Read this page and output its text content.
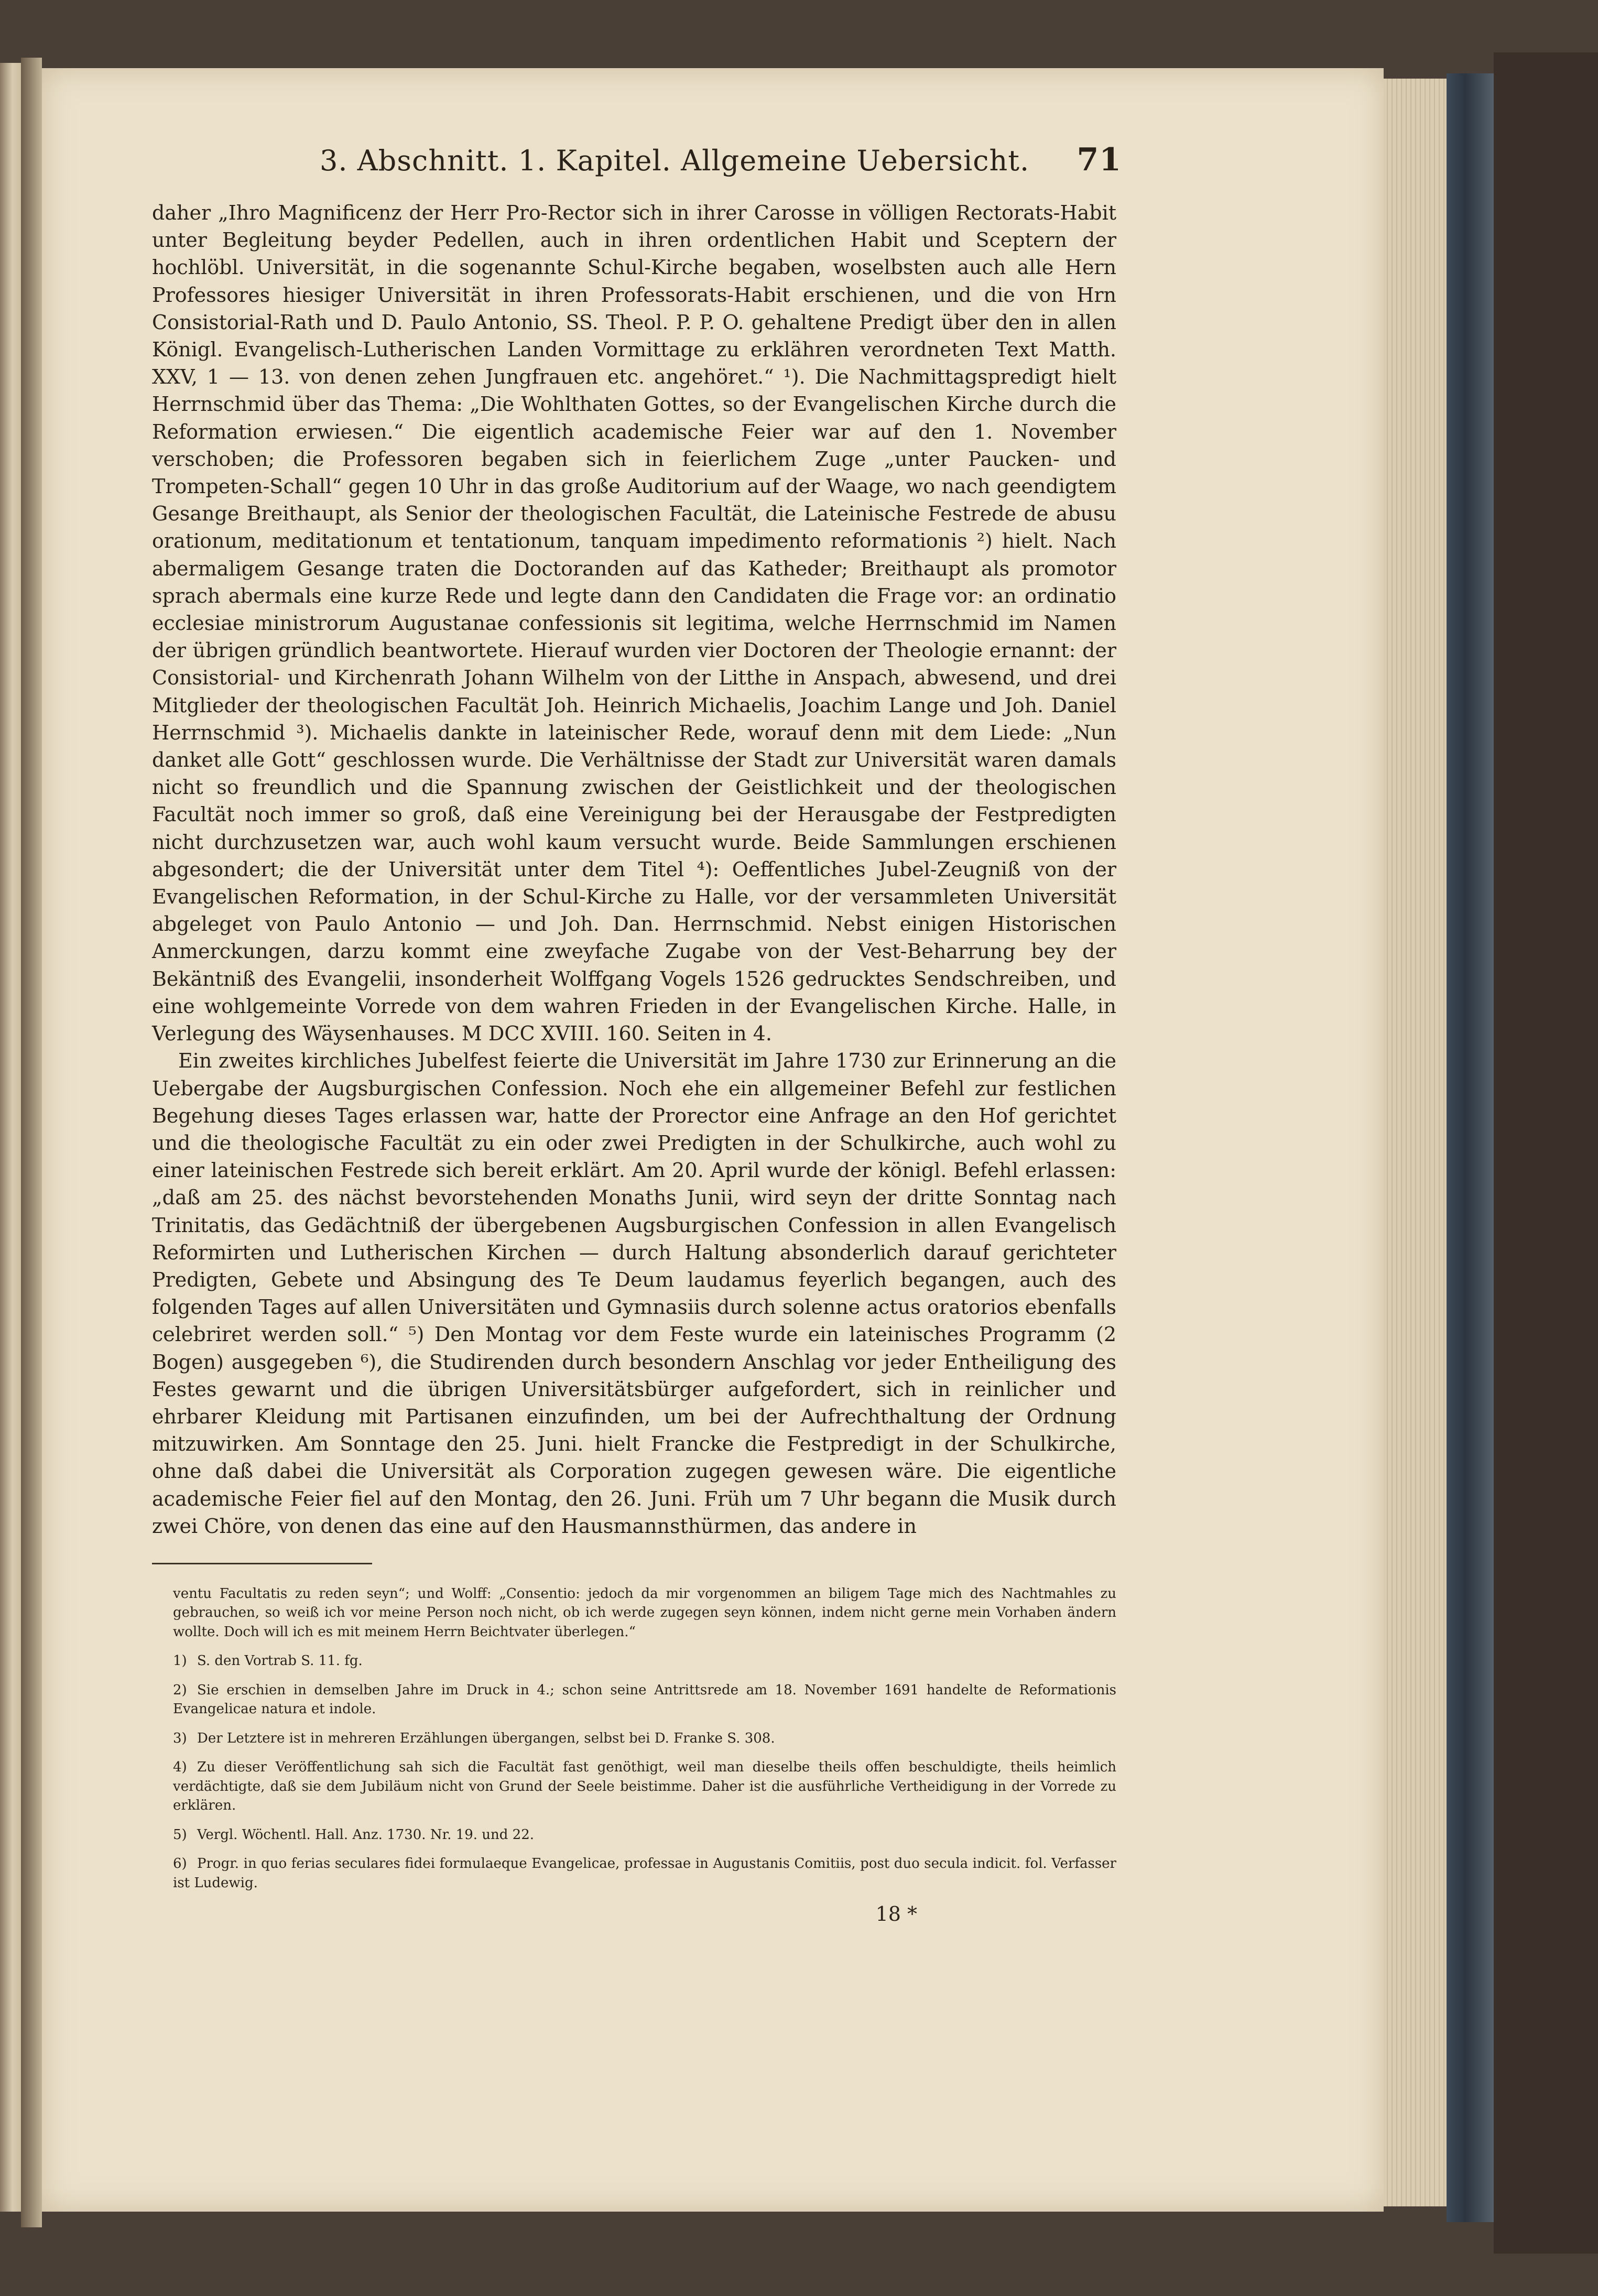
3. Abschnitt. 1. Kapitel. Allgemeine Uebersicht. 71

daher „Ihro Magnificenz der Herr Pro-Rector sich in ihrer Carosse in völligen Rectorats-Habit unter Begleitung beyder Pedellen, auch in ihren ordentlichen Habit und Sceptern der hochlöbl. Universität, in die sogenannte Schul-Kirche begaben, woselbsten auch alle Hern Professores hiesiger Universität in ihren Professorats-Habit erschienen, und die von Hrn Consistorial-Rath und D. Paulo Antonio, SS. Theol. P. P. O. gehaltene Predigt über den in allen Königl. Evangelisch-Lutherischen Landen Vormittage zu erklähren verordneten Text Matth. XXV, 1 — 13. von denen zehen Jungfrauen etc. angehöret.“ ¹). Die Nachmittagspredigt hielt Herrnschmid über das Thema: „Die Wohlthaten Gottes, so der Evangelischen Kirche durch die Reformation erwiesen.“ Die eigentlich academische Feier war auf den 1. November verschoben; die Professoren begaben sich in feierlichem Zuge „unter Paucken- und Trompeten-Schall“ gegen 10 Uhr in das große Auditorium auf der Waage, wo nach geendigtem Gesange Breithaupt, als Senior der theologischen Facultät, die Lateinische Festrede de abusu orationum, meditationum et tentationum, tanquam impedimento reformationis ²) hielt. Nach abermaligem Gesange traten die Doctoranden auf das Katheder; Breithaupt als promotor sprach abermals eine kurze Rede und legte dann den Candidaten die Frage vor: an ordinatio ecclesiae ministrorum Augustanae confessionis sit legitima, welche Herrnschmid im Namen der übrigen gründlich beantwortete. Hierauf wurden vier Doctoren der Theologie ernannt: der Consistorial- und Kirchenrath Johann Wilhelm von der Litthe in Anspach, abwesend, und drei Mitglieder der theologischen Facultät Joh. Heinrich Michaelis, Joachim Lange und Joh. Daniel Herrnschmid ³). Michaelis dankte in lateinischer Rede, worauf denn mit dem Liede: „Nun danket alle Gott“ geschlossen wurde. Die Verhältnisse der Stadt zur Universität waren damals nicht so freundlich und die Spannung zwischen der Geistlichkeit und der theologischen Facultät noch immer so groß, daß eine Vereinigung bei der Herausgabe der Festpredigten nicht durchzusetzen war, auch wohl kaum versucht wurde. Beide Sammlungen erschienen abgesondert; die der Universität unter dem Titel ⁴): Oeffentliches Jubel-Zeugniß von der Evangelischen Reformation, in der Schul-Kirche zu Halle, vor der versammleten Universität abgeleget von Paulo Antonio — und Joh. Dan. Herrnschmid. Nebst einigen Historischen Anmerckungen, darzu kommt eine zweyfache Zugabe von der Vest-Beharrung bey der Bekäntniß des Evangelii, insonderheit Wolffgang Vogels 1526 gedrucktes Sendschreiben, und eine wohlgemeinte Vorrede von dem wahren Frieden in der Evangelischen Kirche. Halle, in Verlegung des Wäysenhauses. M DCC XVIII. 160. Seiten in 4.

Ein zweites kirchliches Jubelfest feierte die Universität im Jahre 1730 zur Erinnerung an die Uebergabe der Augsburgischen Confession. Noch ehe ein allgemeiner Befehl zur festlichen Begehung dieses Tages erlassen war, hatte der Prorector eine Anfrage an den Hof gerichtet und die theologische Facultät zu ein oder zwei Predigten in der Schulkirche, auch wohl zu einer lateinischen Festrede sich bereit erklärt. Am 20. April wurde der königl. Befehl erlassen: „daß am 25. des nächst bevorstehenden Monaths Junii, wird seyn der dritte Sonntag nach Trinitatis, das Gedächtniß der übergebenen Augsburgischen Confession in allen Evangelisch Reformirten und Lutherischen Kirchen — durch Haltung absonderlich darauf gerichteter Predigten, Gebete und Absingung des Te Deum laudamus feyerlich begangen, auch des folgenden Tages auf allen Universitäten und Gymnasiis durch solenne actus oratorios ebenfalls celebriret werden soll.“ ⁵) Den Montag vor dem Feste wurde ein lateinisches Programm (2 Bogen) ausgegeben ⁶), die Studirenden durch besondern Anschlag vor jeder Entheiligung des Festes gewarnt und die übrigen Universitätsbürger aufgefordert, sich in reinlicher und ehrbarer Kleidung mit Partisanen einzufinden, um bei der Aufrechthaltung der Ordnung mitzuwirken. Am Sonntage den 25. Juni. hielt Francke die Festpredigt in der Schulkirche, ohne daß dabei die Universität als Corporation zugegen gewesen wäre. Die eigentliche academische Feier fiel auf den Montag, den 26. Juni. Früh um 7 Uhr begann die Musik durch zwei Chöre, von denen das eine auf den Hausmannsthürmen, das andere in

ventu Facultatis zu reden seyn“; und Wolff: „Consentio: jedoch da mir vorgenommen an biligem Tage mich des Nachtmahles zu gebrauchen, so weiß ich vor meine Person noch nicht, ob ich werde zugegen seyn können, indem nicht gerne mein Vorhaben ändern wollte. Doch will ich es mit meinem Herrn Beichtvater überlegen.“

1) S. den Vortrab S. 11. fg.

2) Sie erschien in demselben Jahre im Druck in 4.; schon seine Antrittsrede am 18. November 1691 handelte de Reformationis Evangelicae natura et indole.

3) Der Letztere ist in mehreren Erzählungen übergangen, selbst bei D. Franke S. 308.

4) Zu dieser Veröffentlichung sah sich die Facultät fast genöthigt, weil man dieselbe theils offen beschuldigte, theils heimlich verdächtigte, daß sie dem Jubiläum nicht von Grund der Seele beistimme. Daher ist die ausführliche Vertheidigung in der Vorrede zu erklären.

5) Vergl. Wöchentl. Hall. Anz. 1730. Nr. 19. und 22.

6) Progr. in quo ferias seculares fidei formulaeque Evangelicae, professae in Augustanis Comitiis, post duo secula indicit. fol. Verfasser ist Ludewig.

18 *
